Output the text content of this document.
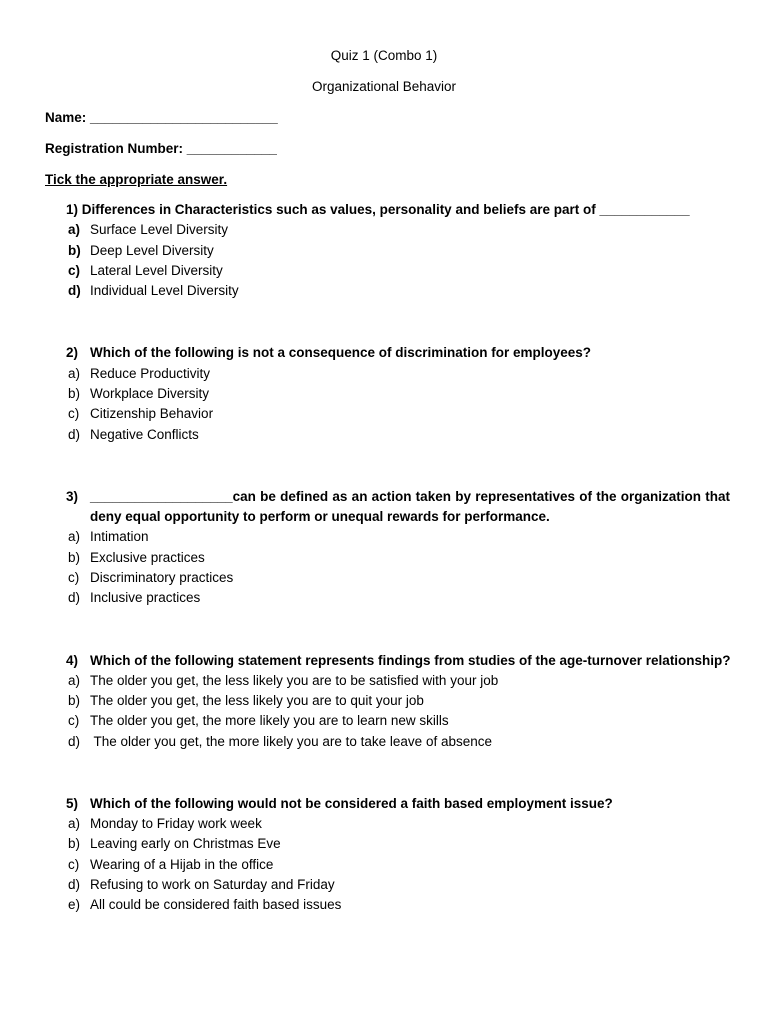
Quiz 1 (Combo 1)
Organizational Behavior
Name: _________________________
Registration Number: ____________
Tick the appropriate answer.
1) Differences in Characteristics such as values, personality and beliefs are part of ____________
a) Surface Level Diversity
b) Deep Level Diversity
c) Lateral Level Diversity
d) Individual Level Diversity
2) Which of the following is not a consequence of discrimination for employees?
a) Reduce Productivity
b) Workplace Diversity
c) Citizenship Behavior
d) Negative Conflicts
3) ___________________can be defined as an action taken by representatives of the organization that deny equal opportunity to perform or unequal rewards for performance.
a) Intimation
b) Exclusive practices
c) Discriminatory practices
d) Inclusive practices
4) Which of the following statement represents findings from studies of the age-turnover relationship?
a) The older you get, the less likely you are to be satisfied with your job
b) The older you get, the less likely you are to quit your job
c) The older you get, the more likely you are to learn new skills
d) The older you get, the more likely you are to take leave of absence
5) Which of the following would not be considered a faith based employment issue?
a) Monday to Friday work week
b) Leaving early on Christmas Eve
c) Wearing of a Hijab in the office
d) Refusing to work on Saturday and Friday
e) All could be considered faith based issues
